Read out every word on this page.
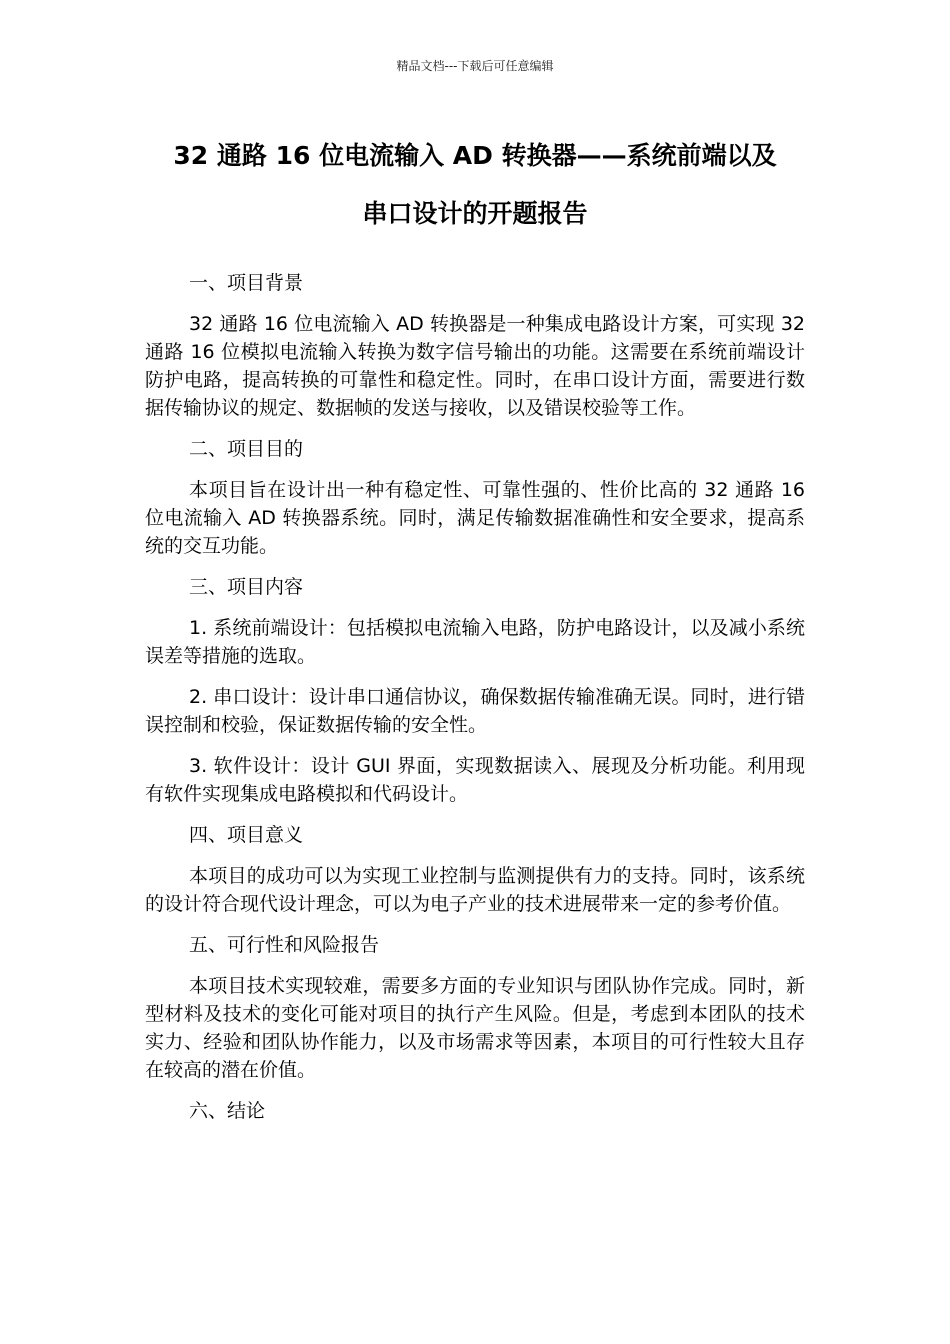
精品文档---下载后可任意编辑
32 通路 16 位电流输入 AD 转换器——系统前端以及
串口设计的开题报告

一、项目背景

32 通路 16 位电流输入 AD 转换器是一种集成电路设计方案，可实现 32 通路 16 位模拟电流输入转换为数字信号输出的功能。这需要在系统前端设计防护电路，提高转换的可靠性和稳定性。同时，在串口设计方面，需要进行数据传输协议的规定、数据帧的发送与接收，以及错误校验等工作。

二、项目目的

本项目旨在设计出一种有稳定性、可靠性强的、性价比高的 32 通路 16 位电流输入 AD 转换器系统。同时，满足传输数据准确性和安全要求，提高系统的交互功能。

三、项目内容

1. 系统前端设计：包括模拟电流输入电路，防护电路设计，以及减小系统误差等措施的选取。

2. 串口设计：设计串口通信协议，确保数据传输准确无误。同时，进行错误控制和校验，保证数据传输的安全性。

3. 软件设计：设计 GUI 界面，实现数据读入、展现及分析功能。利用现有软件实现集成电路模拟和代码设计。

四、项目意义

本项目的成功可以为实现工业控制与监测提供有力的支持。同时，该系统的设计符合现代设计理念，可以为电子产业的技术进展带来一定的参考价值。

五、可行性和风险报告

本项目技术实现较难，需要多方面的专业知识与团队协作完成。同时，新型材料及技术的变化可能对项目的执行产生风险。但是，考虑到本团队的技术实力、经验和团队协作能力，以及市场需求等因素，本项目的可行性较大且存在较高的潜在价值。

六、结论
